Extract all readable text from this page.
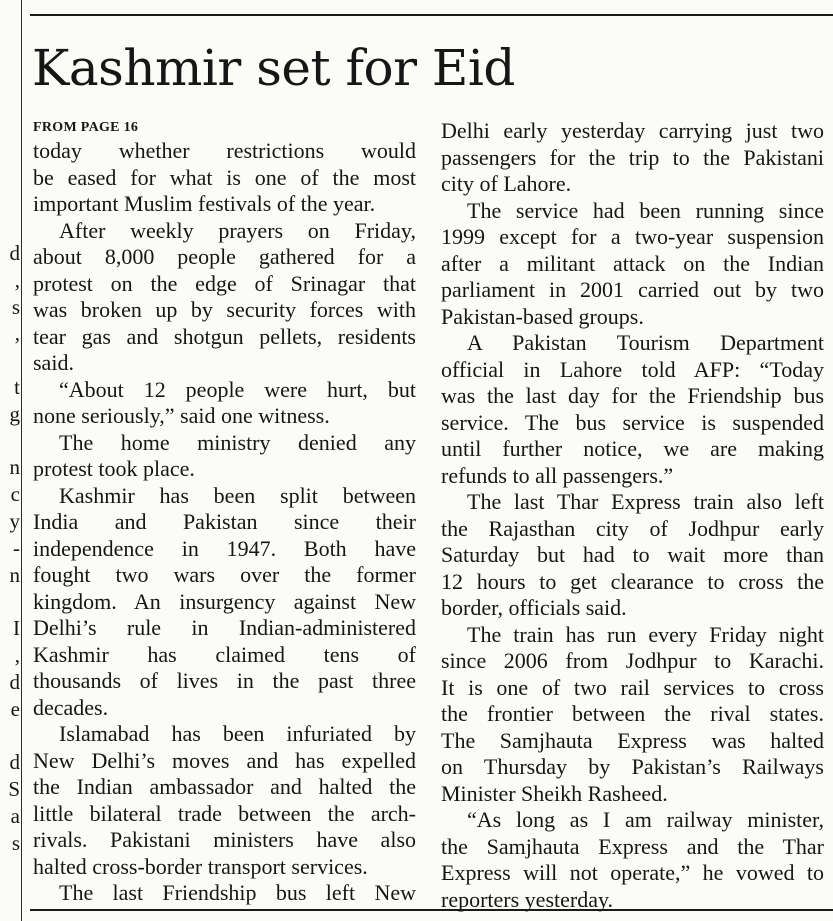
d
,
s
,
t
g
n
c
y
-
n
I
,
d
e
d
S
a
s
Kashmir set for Eid
FROM PAGE 16
today whether restrictions would
be eased for what is one of the most
important Muslim festivals of the year.
After weekly prayers on Friday,
about 8,000 people gathered for a
protest on the edge of Srinagar that
was broken up by security forces with
tear gas and shotgun pellets, residents
said.
“About 12 people were hurt, but
none seriously,” said one witness.
The home ministry denied any
protest took place.
Kashmir has been split between
India and Pakistan since their
independence in 1947. Both have
fought two wars over the former
kingdom. An insurgency against New
Delhi’s rule in Indian-administered
Kashmir has claimed tens of
thousands of lives in the past three
decades.
Islamabad has been infuriated by
New Delhi’s moves and has expelled
the Indian ambassador and halted the
little bilateral trade between the arch-
rivals. Pakistani ministers have also
halted cross-border transport services.
The last Friendship bus left New
Delhi early yesterday carrying just two
passengers for the trip to the Pakistani
city of Lahore.
The service had been running since
1999 except for a two-year suspension
after a militant attack on the Indian
parliament in 2001 carried out by two
Pakistan-based groups.
A Pakistan Tourism Department
official in Lahore told AFP: “Today
was the last day for the Friendship bus
service. The bus service is suspended
until further notice, we are making
refunds to all passengers.”
The last Thar Express train also left
the Rajasthan city of Jodhpur early
Saturday but had to wait more than
12 hours to get clearance to cross the
border, officials said.
The train has run every Friday night
since 2006 from Jodhpur to Karachi.
It is one of two rail services to cross
the frontier between the rival states.
The Samjhauta Express was halted
on Thursday by Pakistan’s Railways
Minister Sheikh Rasheed.
“As long as I am railway minister,
the Samjhauta Express and the Thar
Express will not operate,” he vowed to
reporters yesterday.
